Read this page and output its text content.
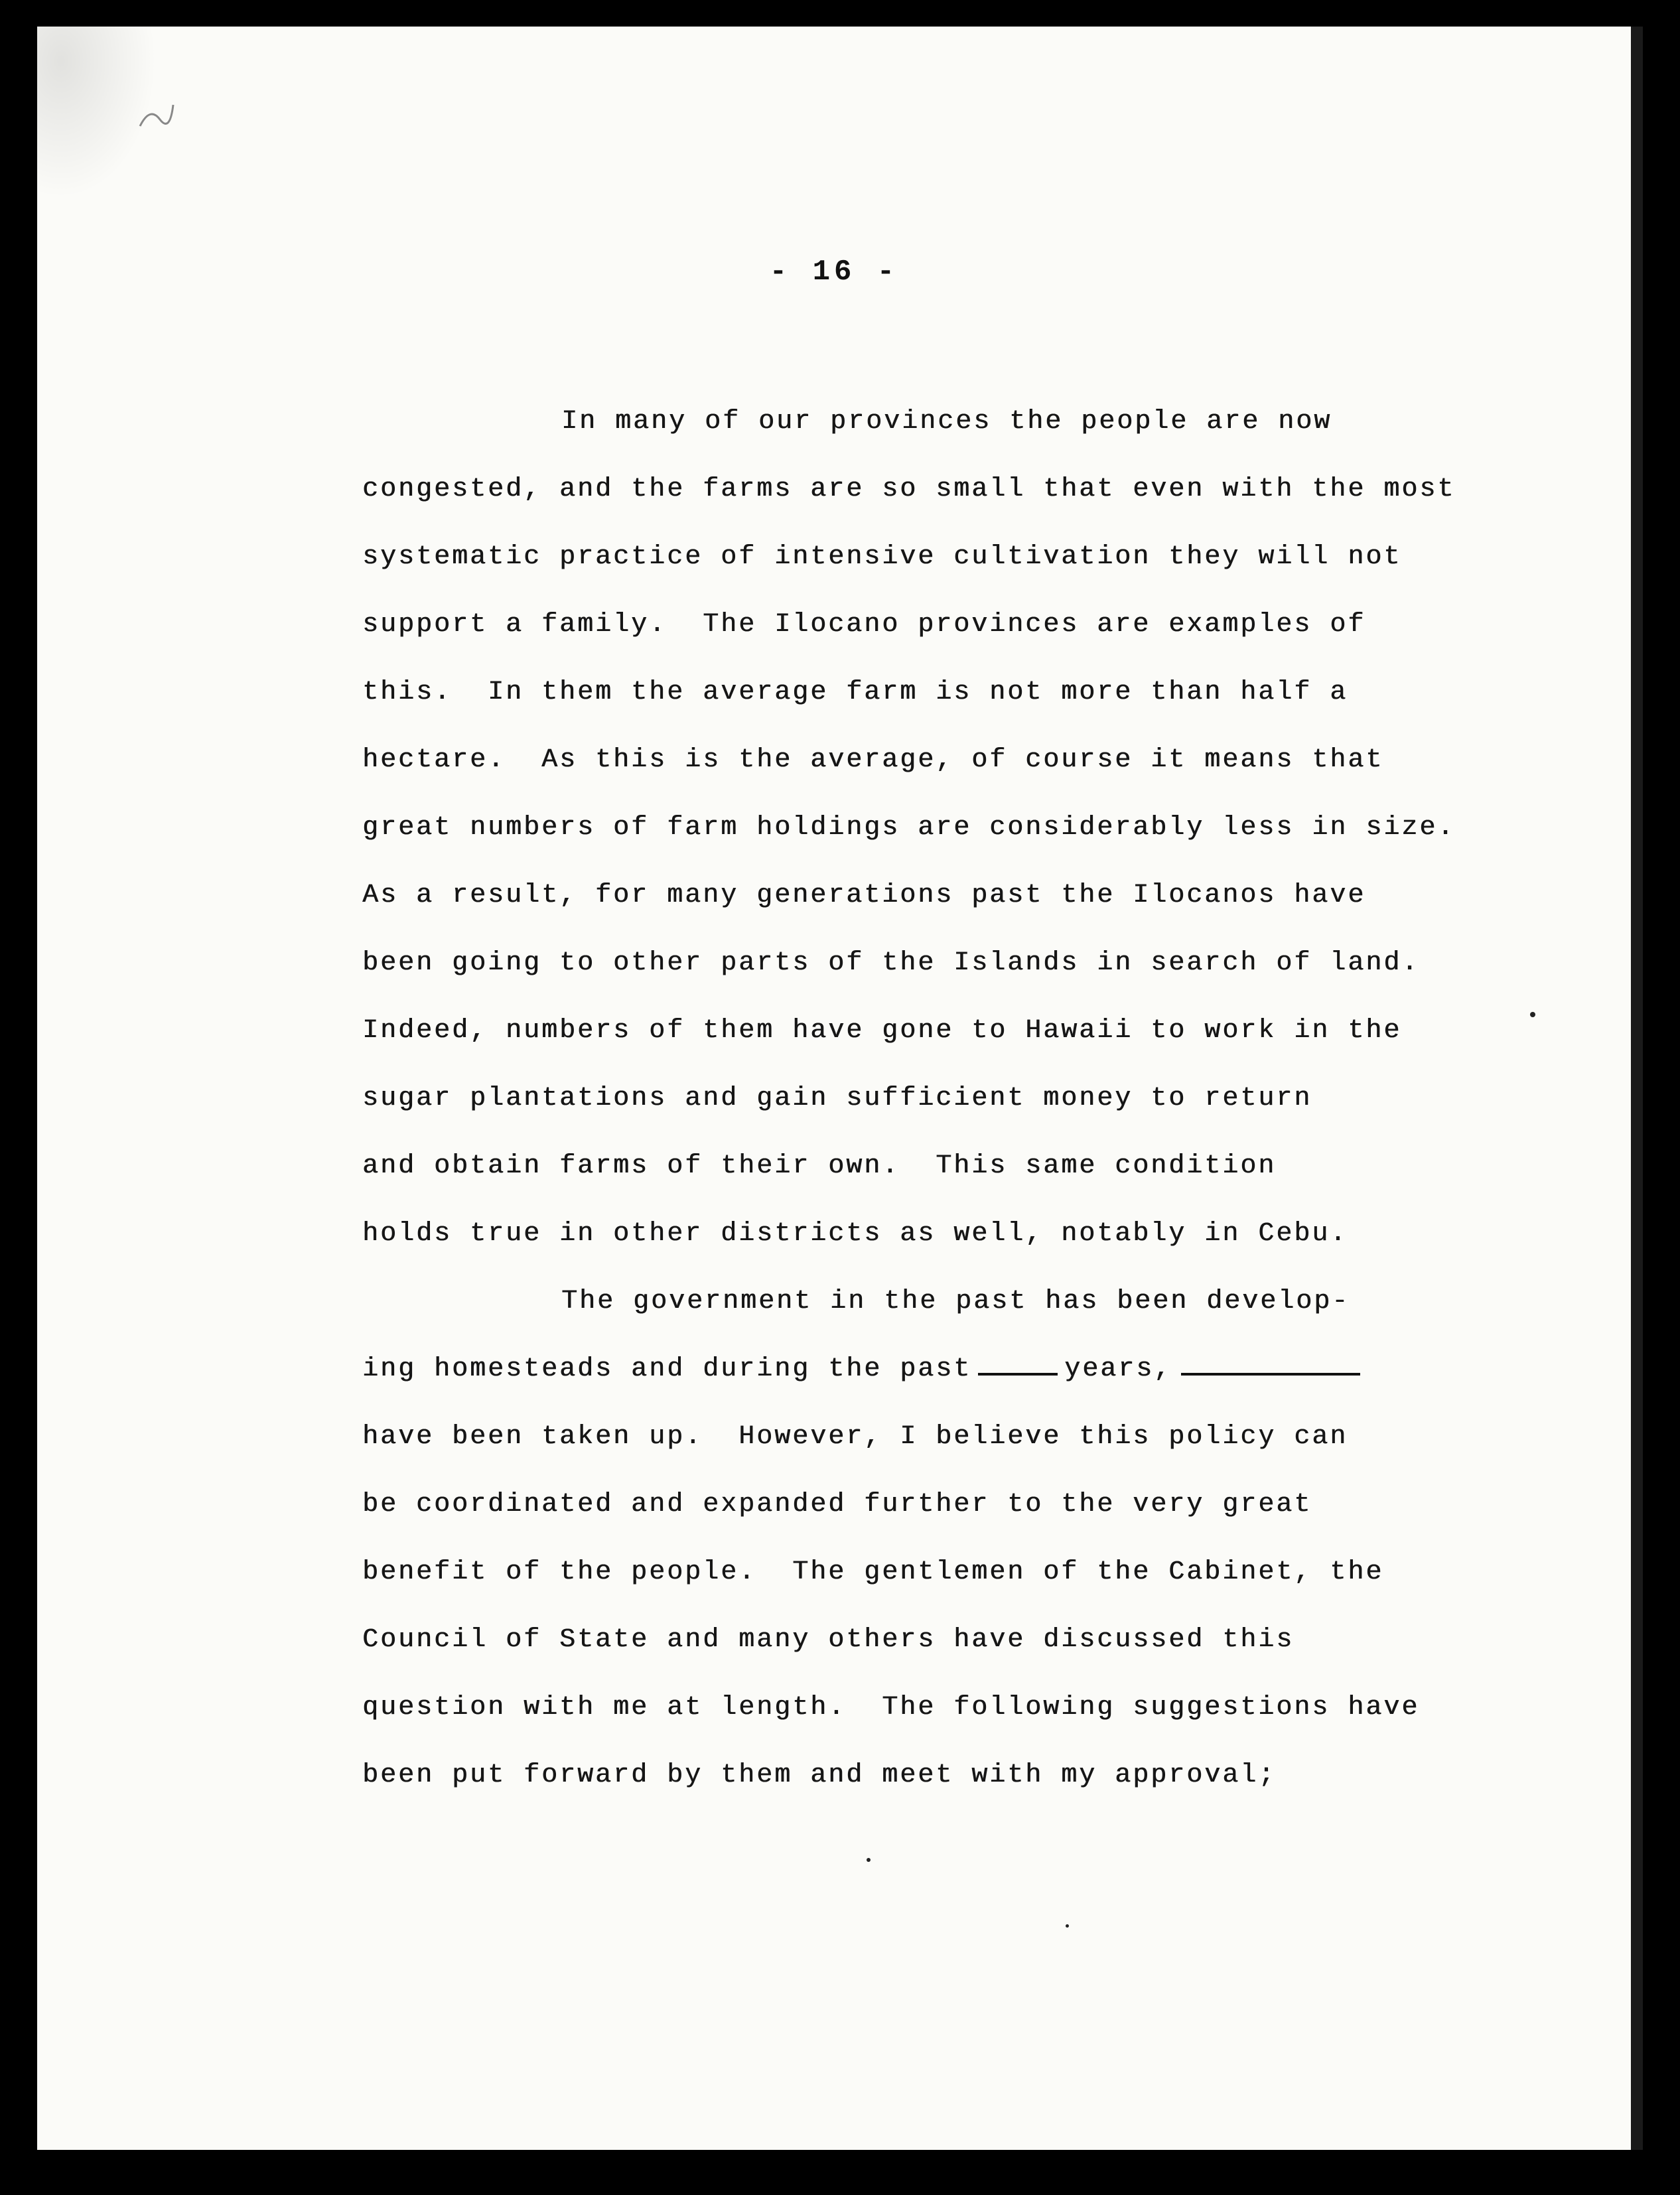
- 16 -
In many of our provinces the people are now
congested, and the farms are so small that even with the most
systematic practice of intensive cultivation they will not
support a family.  The Ilocano provinces are examples of
this.  In them the average farm is not more than half a
hectare.  As this is the average, of course it means that
great numbers of farm holdings are considerably less in size.
As a result, for many generations past the Ilocanos have
been going to other parts of the Islands in search of land.
Indeed, numbers of them have gone to Hawaii to work in the
sugar plantations and gain sufficient money to return
and obtain farms of their own.  This same condition
holds true in other districts as well, notably in Cebu.
The government in the past has been develop-
ing homesteads and during the past	years,
have been taken up.  However, I believe this policy can
be coordinated and expanded further to the very great
benefit of the people.  The gentlemen of the Cabinet, the
Council of State and many others have discussed this
question with me at length.  The following suggestions have
been put forward by them and meet with my approval;
